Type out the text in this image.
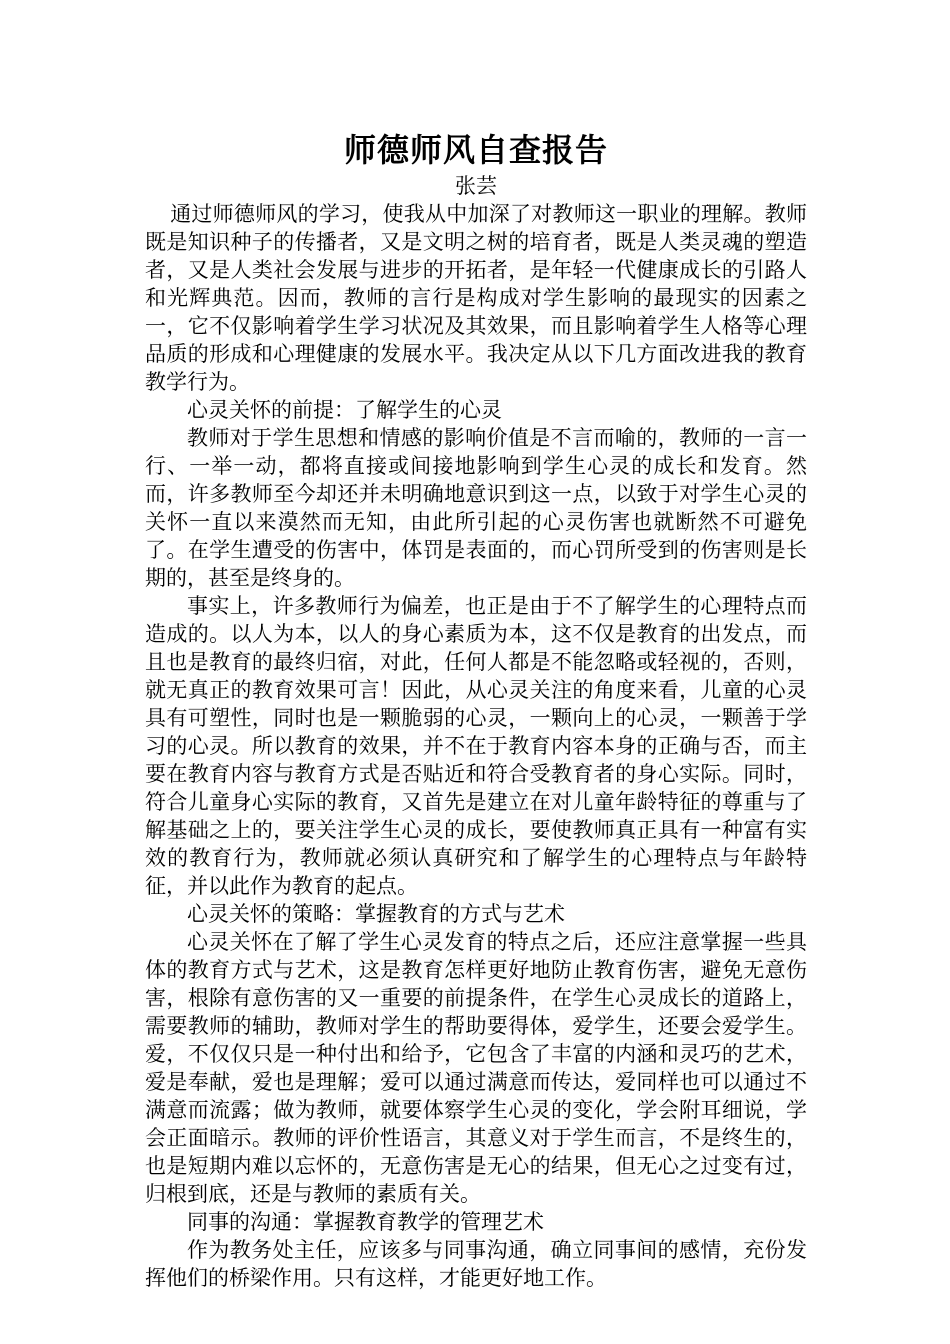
师德师风自查报告

张芸

通过师德师风的学习，使我从中加深了对教师这一职业的理解。教师既是知识种子的传播者，又是文明之树的培育者，既是人类灵魂的塑造者，又是人类社会发展与进步的开拓者，是年轻一代健康成长的引路人和光辉典范。因而，教师的言行是构成对学生影响的最现实的因素之一，它不仅影响着学生学习状况及其效果，而且影响着学生人格等心理品质的形成和心理健康的发展水平。我决定从以下几方面改进我的教育教学行为。

心灵关怀的前提：了解学生的心灵

教师对于学生思想和情感的影响价值是不言而喻的，教师的一言一行、一举一动，都将直接或间接地影响到学生心灵的成长和发育。然而，许多教师至今却还并未明确地意识到这一点，以致于对学生心灵的关怀一直以来漠然而无知，由此所引起的心灵伤害也就断然不可避免了。在学生遭受的伤害中，体罚是表面的，而心罚所受到的伤害则是长期的，甚至是终身的。

事实上，许多教师行为偏差，也正是由于不了解学生的心理特点而造成的。以人为本，以人的身心素质为本，这不仅是教育的出发点，而且也是教育的最终归宿，对此，任何人都是不能忽略或轻视的，否则，就无真正的教育效果可言！因此，从心灵关注的角度来看，儿童的心灵具有可塑性，同时也是一颗脆弱的心灵，一颗向上的心灵，一颗善于学习的心灵。所以教育的效果，并不在于教育内容本身的正确与否，而主要在教育内容与教育方式是否贴近和符合受教育者的身心实际。同时，符合儿童身心实际的教育，又首先是建立在对儿童年龄特征的尊重与了解基础之上的，要关注学生心灵的成长，要使教师真正具有一种富有实效的教育行为，教师就必须认真研究和了解学生的心理特点与年龄特征，并以此作为教育的起点。

心灵关怀的策略：掌握教育的方式与艺术

心灵关怀在了解了学生心灵发育的特点之后，还应注意掌握一些具体的教育方式与艺术，这是教育怎样更好地防止教育伤害，避免无意伤害，根除有意伤害的又一重要的前提条件，在学生心灵成长的道路上，需要教师的辅助，教师对学生的帮助要得体，爱学生，还要会爱学生。爱，不仅仅只是一种付出和给予，它包含了丰富的内涵和灵巧的艺术，爱是奉献，爱也是理解；爱可以通过满意而传达，爱同样也可以通过不满意而流露；做为教师，就要体察学生心灵的变化，学会附耳细说，学会正面暗示。教师的评价性语言，其意义对于学生而言，不是终生的，也是短期内难以忘怀的，无意伤害是无心的结果，但无心之过变有过，归根到底，还是与教师的素质有关。

同事的沟通：掌握教育教学的管理艺术

作为教务处主任，应该多与同事沟通，确立同事间的感情，充份发挥他们的桥梁作用。只有这样，才能更好地工作。
